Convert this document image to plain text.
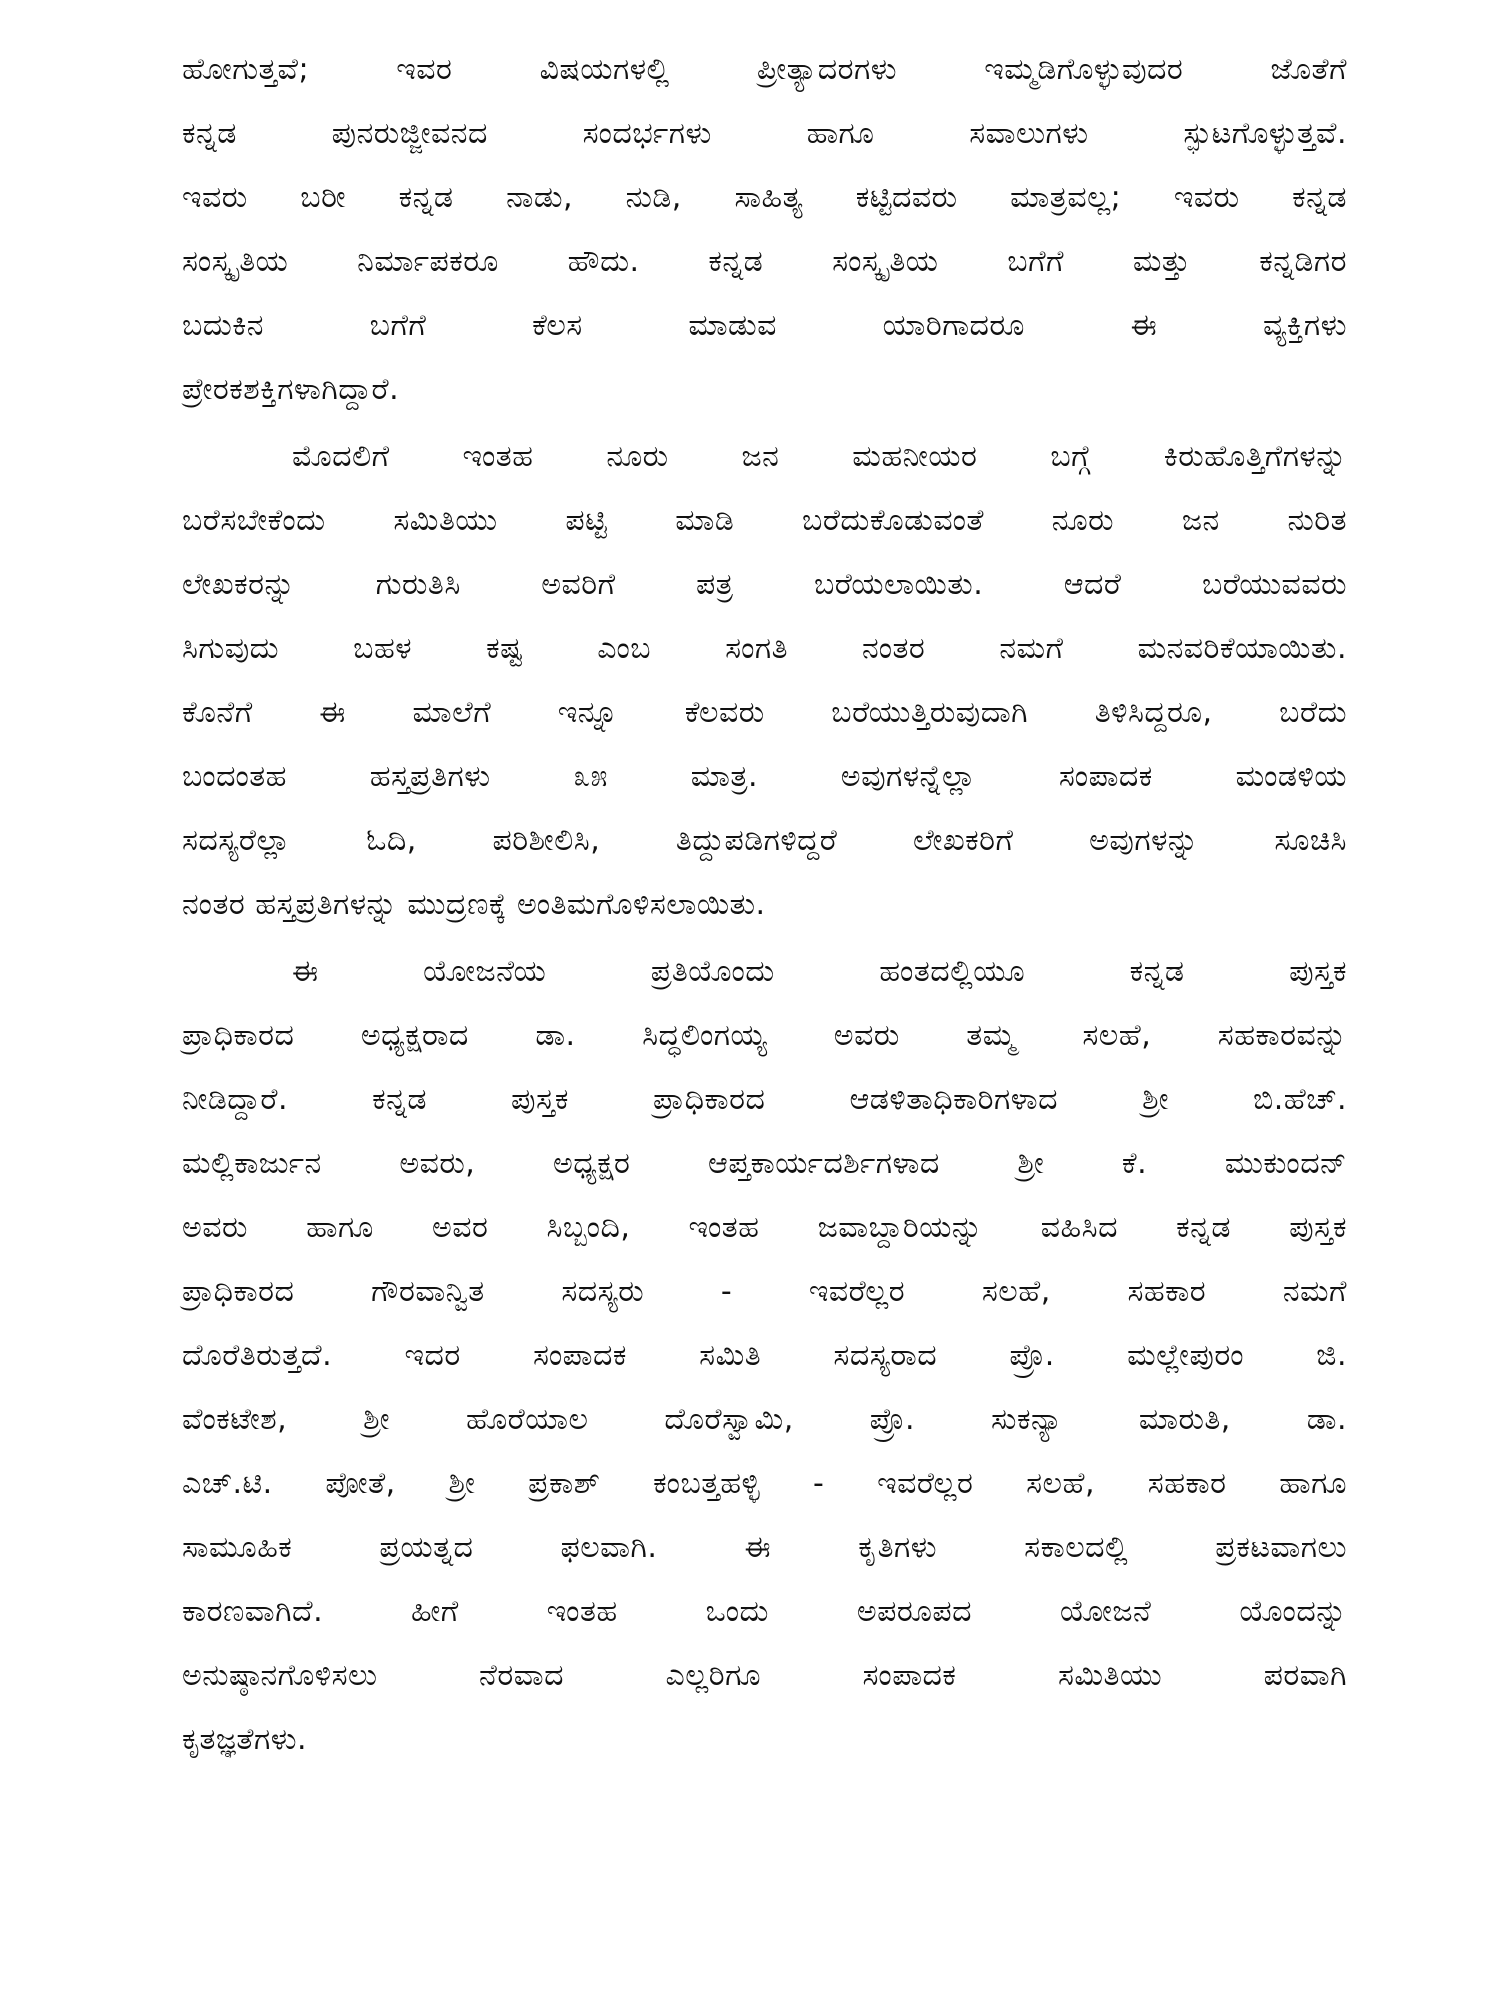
ಹೋಗುತ್ತವೆ; ಇವರ ವಿಷಯಗಳಲ್ಲಿ ಪ್ರೀತ್ಯಾದರಗಳು ಇಮ್ಮಡಿಗೊಳ್ಳುವುದರ ಜೊತೆಗೆ
ಕನ್ನಡ ಪುನರುಜ್ಜೀವನದ ಸಂದರ್ಭಗಳು ಹಾಗೂ ಸವಾಲುಗಳು ಸ್ಫುಟಗೊಳ್ಳುತ್ತವೆ.
ಇವರು ಬರೀ ಕನ್ನಡ ನಾಡು, ನುಡಿ, ಸಾಹಿತ್ಯ ಕಟ್ಟಿದವರು ಮಾತ್ರವಲ್ಲ; ಇವರು ಕನ್ನಡ
ಸಂಸ್ಕೃತಿಯ ನಿರ್ಮಾಪಕರೂ ಹೌದು. ಕನ್ನಡ ಸಂಸ್ಕೃತಿಯ ಬಗೆಗೆ ಮತ್ತು ಕನ್ನಡಿಗರ
ಬದುಕಿನ ಬಗೆಗೆ ಕೆಲಸ ಮಾಡುವ ಯಾರಿಗಾದರೂ ಈ ವ್ಯಕ್ತಿಗಳು
ಪ್ರೇರಕಶಕ್ತಿಗಳಾಗಿದ್ದಾರೆ.
ಮೊದಲಿಗೆ ಇಂತಹ ನೂರು ಜನ ಮಹನೀಯರ ಬಗ್ಗೆ ಕಿರುಹೊತ್ತಿಗೆಗಳನ್ನು
ಬರೆಸಬೇಕೆಂದು ಸಮಿತಿಯು ಪಟ್ಟಿ ಮಾಡಿ ಬರೆದುಕೊಡುವಂತೆ ನೂರು ಜನ ನುರಿತ
ಲೇಖಕರನ್ನು ಗುರುತಿಸಿ ಅವರಿಗೆ ಪತ್ರ ಬರೆಯಲಾಯಿತು. ಆದರೆ ಬರೆಯುವವರು
ಸಿಗುವುದು ಬಹಳ ಕಷ್ಟ ಎಂಬ ಸಂಗತಿ ನಂತರ ನಮಗೆ ಮನವರಿಕೆಯಾಯಿತು.
ಕೊನೆಗೆ ಈ ಮಾಲೆಗೆ ಇನ್ನೂ ಕೆಲವರು ಬರೆಯುತ್ತಿರುವುದಾಗಿ ತಿಳಿಸಿದ್ದರೂ, ಬರೆದು
ಬಂದಂತಹ ಹಸ್ತಪ್ರತಿಗಳು ೩೫ ಮಾತ್ರ. ಅವುಗಳನ್ನೆಲ್ಲಾ ಸಂಪಾದಕ ಮಂಡಳಿಯ
ಸದಸ್ಯರೆಲ್ಲಾ ಓದಿ, ಪರಿಶೀಲಿಸಿ, ತಿದ್ದುಪಡಿಗಳಿದ್ದರೆ ಲೇಖಕರಿಗೆ ಅವುಗಳನ್ನು ಸೂಚಿಸಿ
ನಂತರ ಹಸ್ತಪ್ರತಿಗಳನ್ನು ಮುದ್ರಣಕ್ಕೆ ಅಂತಿಮಗೊಳಿಸಲಾಯಿತು.
ಈ ಯೋಜನೆಯ ಪ್ರತಿಯೊಂದು ಹಂತದಲ್ಲಿಯೂ ಕನ್ನಡ ಪುಸ್ತಕ
ಪ್ರಾಧಿಕಾರದ ಅಧ್ಯಕ್ಷರಾದ ಡಾ. ಸಿದ್ಧಲಿಂಗಯ್ಯ ಅವರು ತಮ್ಮ ಸಲಹೆ, ಸಹಕಾರವನ್ನು
ನೀಡಿದ್ದಾರೆ. ಕನ್ನಡ ಪುಸ್ತಕ ಪ್ರಾಧಿಕಾರದ ಆಡಳಿತಾಧಿಕಾರಿಗಳಾದ ಶ್ರೀ ಬಿ.ಹೆಚ್.
ಮಲ್ಲಿಕಾರ್ಜುನ ಅವರು, ಅಧ್ಯಕ್ಷರ ಆಪ್ತಕಾರ್ಯದರ್ಶಿಗಳಾದ ಶ್ರೀ ಕೆ. ಮುಕುಂದನ್
ಅವರು ಹಾಗೂ ಅವರ ಸಿಬ್ಬಂದಿ, ಇಂತಹ ಜವಾಬ್ದಾರಿಯನ್ನು ವಹಿಸಿದ ಕನ್ನಡ ಪುಸ್ತಕ
ಪ್ರಾಧಿಕಾರದ ಗೌರವಾನ್ವಿತ ಸದಸ್ಯರು - ಇವರೆಲ್ಲರ ಸಲಹೆ, ಸಹಕಾರ ನಮಗೆ
ದೊರೆತಿರುತ್ತದೆ. ಇದರ ಸಂಪಾದಕ ಸಮಿತಿ ಸದಸ್ಯರಾದ ಪ್ರೊ. ಮಲ್ಲೇಪುರಂ ಜಿ.
ವೆಂಕಟೇಶ, ಶ್ರೀ ಹೊರೆಯಾಲ ದೊರೆಸ್ವಾಮಿ, ಪ್ರೊ. ಸುಕನ್ಯಾ ಮಾರುತಿ, ಡಾ.
ಎಚ್.ಟಿ. ಪೋತೆ, ಶ್ರೀ ಪ್ರಕಾಶ್ ಕಂಬತ್ತಹಳ್ಳಿ - ಇವರೆಲ್ಲರ ಸಲಹೆ, ಸಹಕಾರ ಹಾಗೂ
ಸಾಮೂಹಿಕ ಪ್ರಯತ್ನದ ಫಲವಾಗಿ. ಈ ಕೃತಿಗಳು ಸಕಾಲದಲ್ಲಿ ಪ್ರಕಟವಾಗಲು
ಕಾರಣವಾಗಿದೆ. ಹೀಗೆ ಇಂತಹ ಒಂದು ಅಪರೂಪದ ಯೋಜನೆ ಯೊಂದನ್ನು
ಅನುಷ್ಠಾನಗೊಳಿಸಲು ನೆರವಾದ ಎಲ್ಲರಿಗೂ ಸಂಪಾದಕ ಸಮಿತಿಯು ಪರವಾಗಿ
ಕೃತಜ್ಞತೆಗಳು.
